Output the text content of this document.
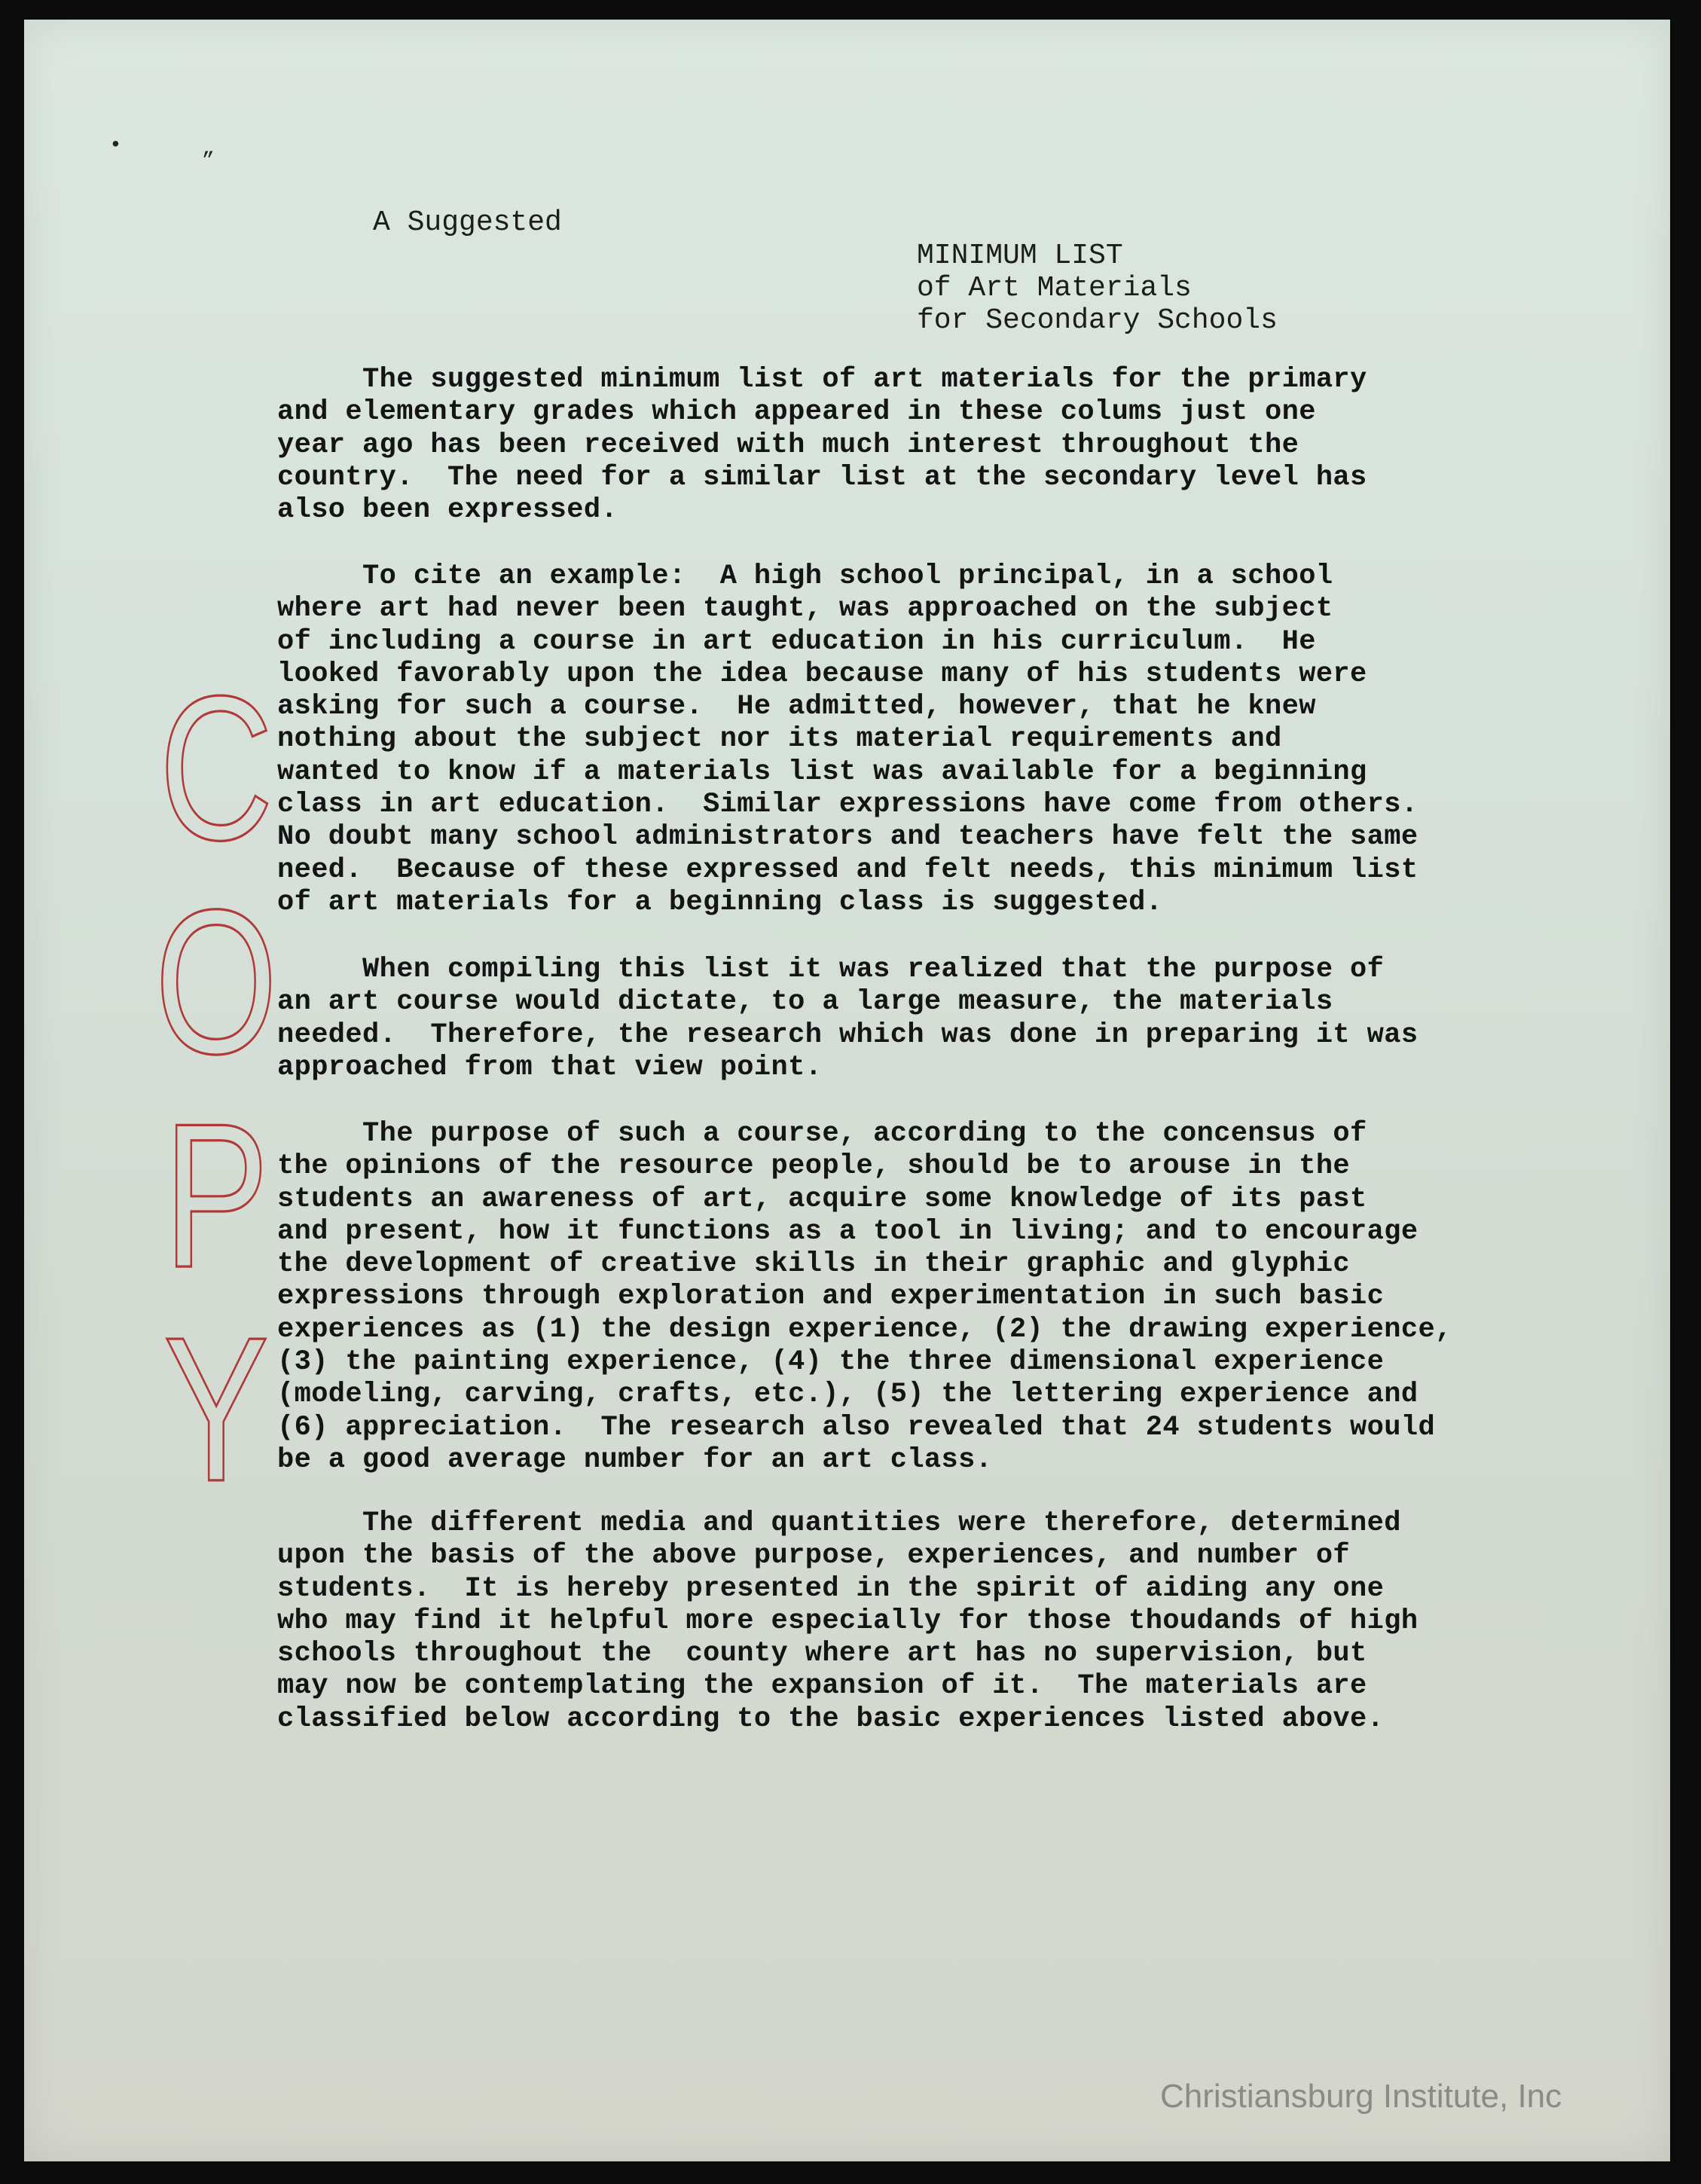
•	„
C O P Y
A Suggested
MINIMUM LIST
of Art Materials
for Secondary Schools
The suggested minimum list of art materials for the primary
and elementary grades which appeared in these colums just one
year ago has been received with much interest throughout the
country.  The need for a similar list at the secondary level has
also been expressed.
To cite an example:  A high school principal, in a school
where art had never been taught, was approached on the subject
of including a course in art education in his curriculum.  He
looked favorably upon the idea because many of his students were
asking for such a course.  He admitted, however, that he knew
nothing about the subject nor its material requirements and
wanted to know if a materials list was available for a beginning
class in art education.  Similar expressions have come from others.
No doubt many school administrators and teachers have felt the same
need.  Because of these expressed and felt needs, this minimum list
of art materials for a beginning class is suggested.
When compiling this list it was realized that the purpose of
an art course would dictate, to a large measure, the materials
needed.  Therefore, the research which was done in preparing it was
approached from that view point.
The purpose of such a course, according to the concensus of
the opinions of the resource people, should be to arouse in the
students an awareness of art, acquire some knowledge of its past
and present, how it functions as a tool in living; and to encourage
the development of creative skills in their graphic and glyphic
expressions through exploration and experimentation in such basic
experiences as (1) the design experience, (2) the drawing experience,
(3) the painting experience, (4) the three dimensional experience
(modeling, carving, crafts, etc.), (5) the lettering experience and
(6) appreciation.  The research also revealed that 24 students would
be a good average number for an art class.
The different media and quantities were therefore, determined
upon the basis of the above purpose, experiences, and number of
students.  It is hereby presented in the spirit of aiding any one
who may find it helpful more especially for those thoudands of high
schools throughout the  county where art has no supervision, but
may now be contemplating the expansion of it.  The materials are
classified below according to the basic experiences listed above.
Christiansburg Institute, Inc
